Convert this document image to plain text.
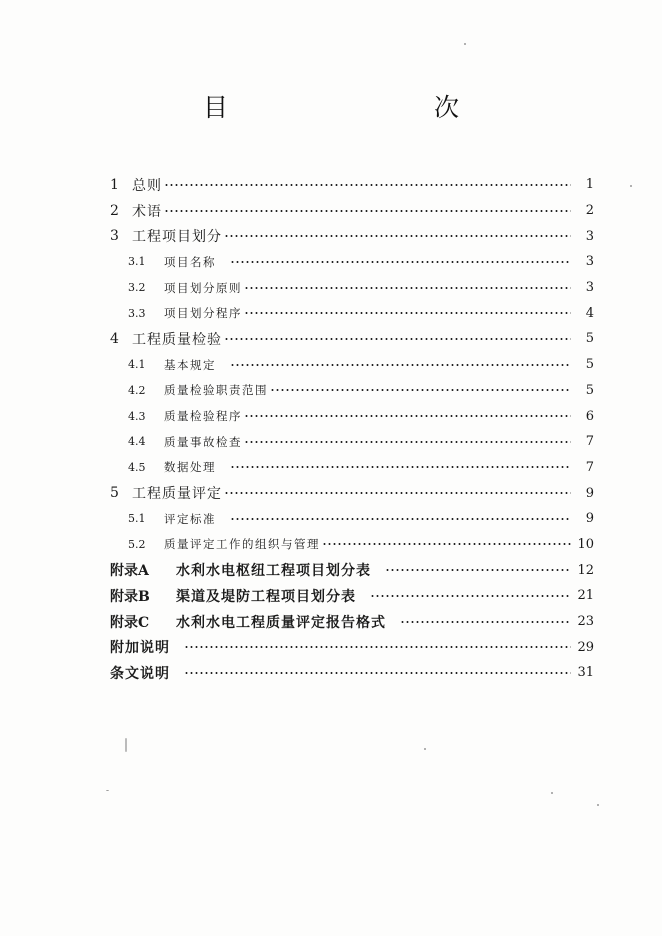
目　　次
1 总则	1
2 术语	2
3 工程项目划分	3
3.1	项目名称	3
3.2	项目划分原则	3
3.3	项目划分程序	4
4 工程质量检验	5
4.1	基本规定	5
4.2	质量检验职责范围	5
4.3	质量检验程序	6
4.4	质量事故检查	7
4.5	数据处理	7
5 工程质量评定	9
5.1	评定标准	9
5.2	质量评定工作的组织与管理	10
附录A	水利水电枢纽工程项目划分表	12
附录B	渠道及堤防工程项目划分表	21
附录C	水利水电工程质量评定报告格式	23
附加说明	29
条文说明	31
